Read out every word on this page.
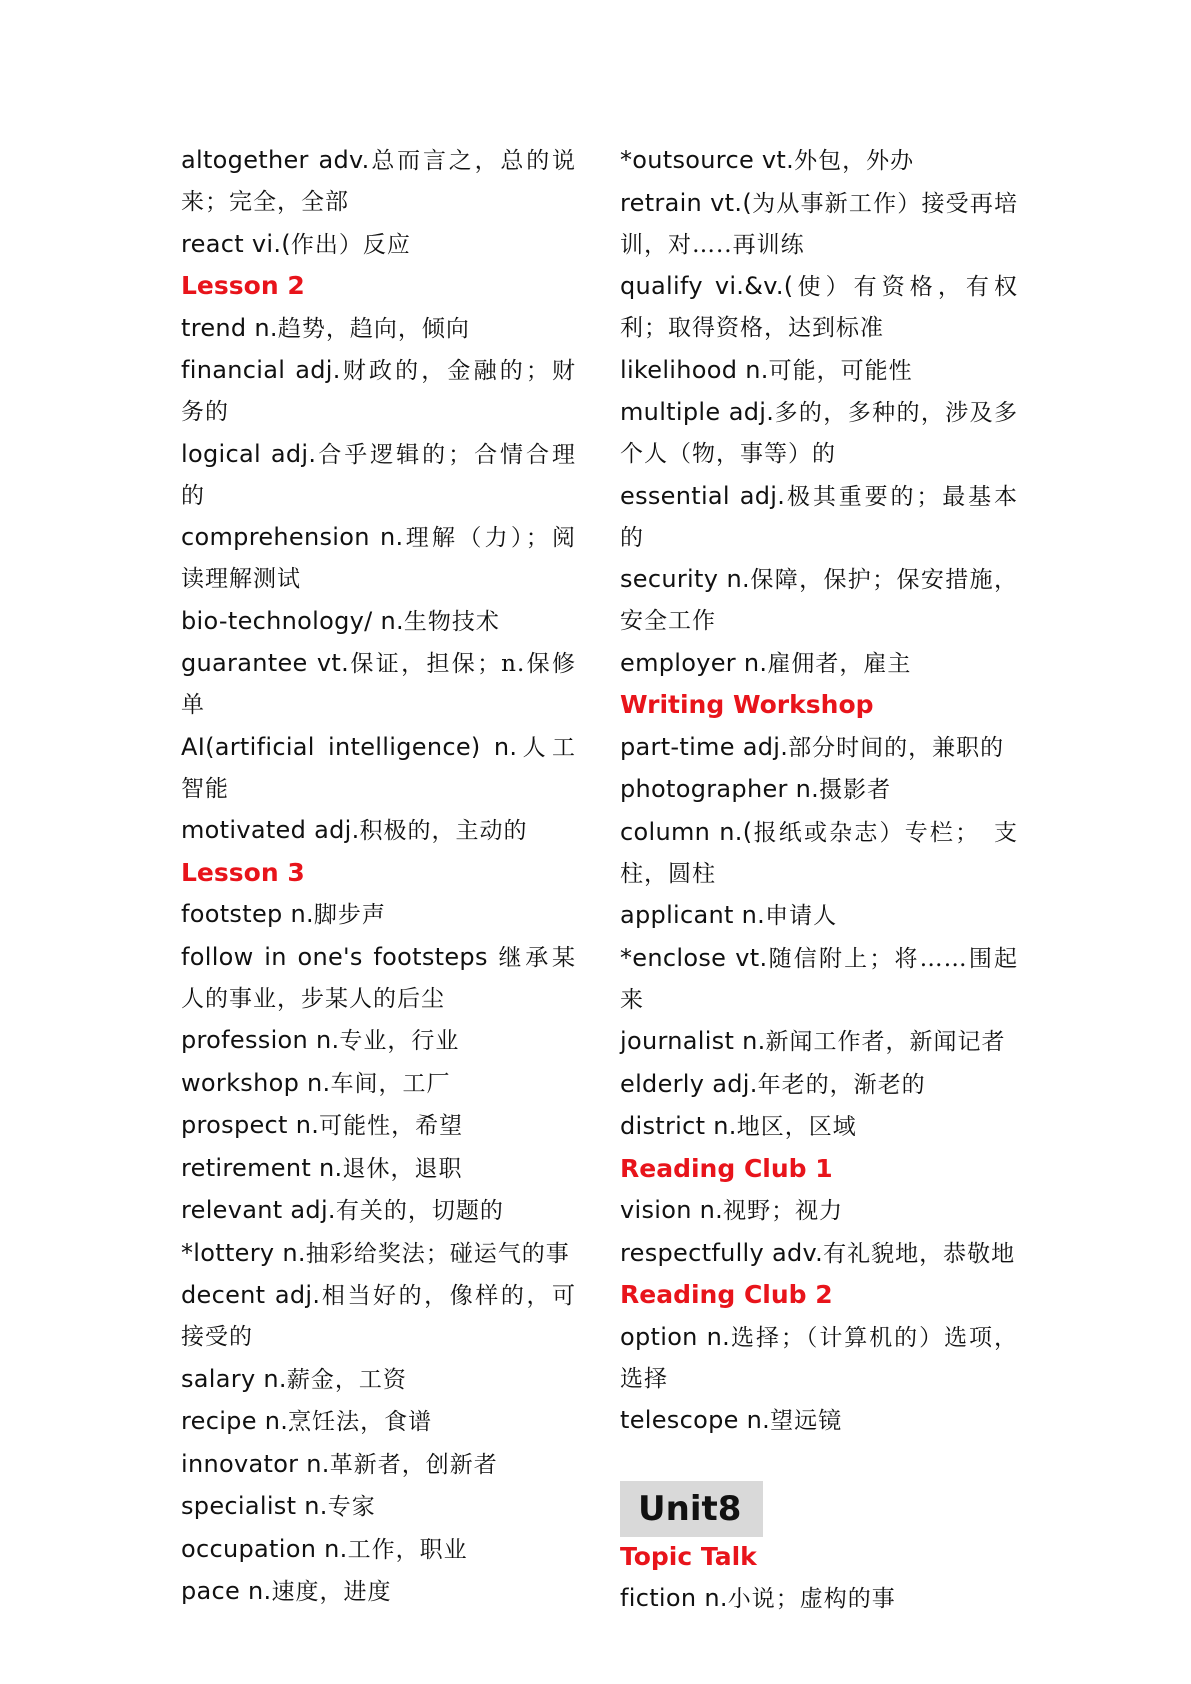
altogether adv.总而言之，总的说来；完全，全部
react vi.(作出）反应
Lesson 2
trend n.趋势，趋向，倾向
financial adj.财政的，金融的；财务的
logical adj.合乎逻辑的；合情合理的
comprehension n.理解（力）；阅读理解测试
bio-technology/ n.生物技术
guarantee vt.保证，担保；n.保修单
AI(artificial intelligence) n.人工智能
motivated adj.积极的，主动的
Lesson 3
footstep n.脚步声
follow in one's footsteps 继承某人的事业，步某人的后尘
profession n.专业，行业
workshop n.车间，工厂
prospect n.可能性，希望
retirement n.退休，退职
relevant adj.有关的，切题的
*lottery n.抽彩给奖法；碰运气的事
decent adj.相当好的，像样的，可接受的
salary n.薪金，工资
recipe n.烹饪法，食谱
innovator n.革新者，创新者
specialist n.专家
occupation n.工作，职业
pace n.速度，进度
*outsource vt.外包，外办
retrain vt.(为从事新工作）接受再培训，对…..再训练
qualify vi.&v.(使）有资格，有权利；取得资格，达到标准
likelihood n.可能，可能性
multiple adj.多的，多种的，涉及多个人（物，事等）的
essential adj.极其重要的；最基本的
security n.保障，保护；保安措施，安全工作
employer n.雇佣者，雇主
Writing Workshop
part-time adj.部分时间的，兼职的
photographer n.摄影者
column n.(报纸或杂志）专栏；　支柱，圆柱
applicant n.申请人
*enclose vt.随信附上；将……围起来
journalist n.新闻工作者，新闻记者
elderly adj.年老的，渐老的
district n.地区，区域
Reading Club 1
vision n.视野；视力
respectfully adv.有礼貌地，恭敬地
Reading Club 2
option n.选择；（计算机的）选项，选择
telescope n.望远镜
Unit8
Topic Talk
fiction n.小说；虚构的事
